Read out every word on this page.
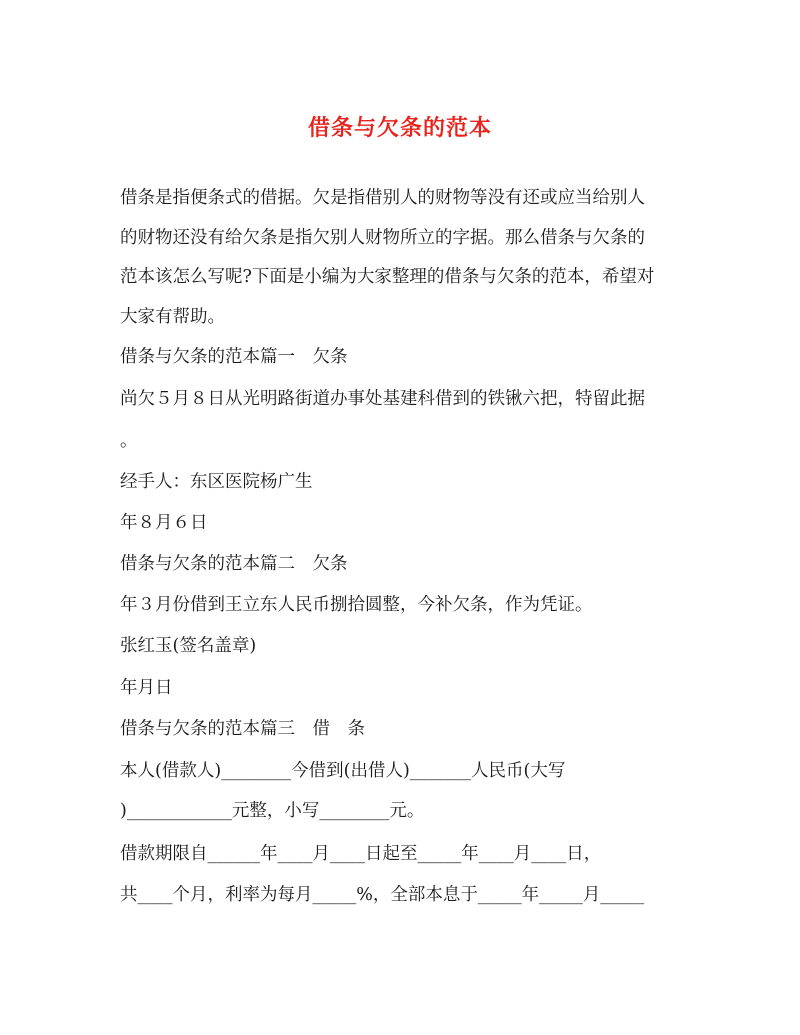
借条与欠条的范本
借条是指便条式的借据。欠是指借别人的财物等没有还或应当给别人
的财物还没有给欠条是指欠别人财物所立的字据。那么借条与欠条的
范本该怎么写呢?下面是小编为大家整理的借条与欠条的范本，希望对
大家有帮助。
借条与欠条的范本篇一　欠条
尚欠５月８日从光明路街道办事处基建科借到的铁锹六把，特留此据
。
经手人：东区医院杨广生
年８月６日
借条与欠条的范本篇二　欠条
年３月份借到王立东人民币捌拾圆整，今补欠条，作为凭证。
张红玉(签名盖章)
年月日
借条与欠条的范本篇三　借　条
本人(借款人)________今借到(出借人)_______人民币(大写
)____________元整，小写________元。
借款期限自______年____月____日起至_____年____月____日，
共____个月，利率为每月_____%，全部本息于_____年_____月_____
